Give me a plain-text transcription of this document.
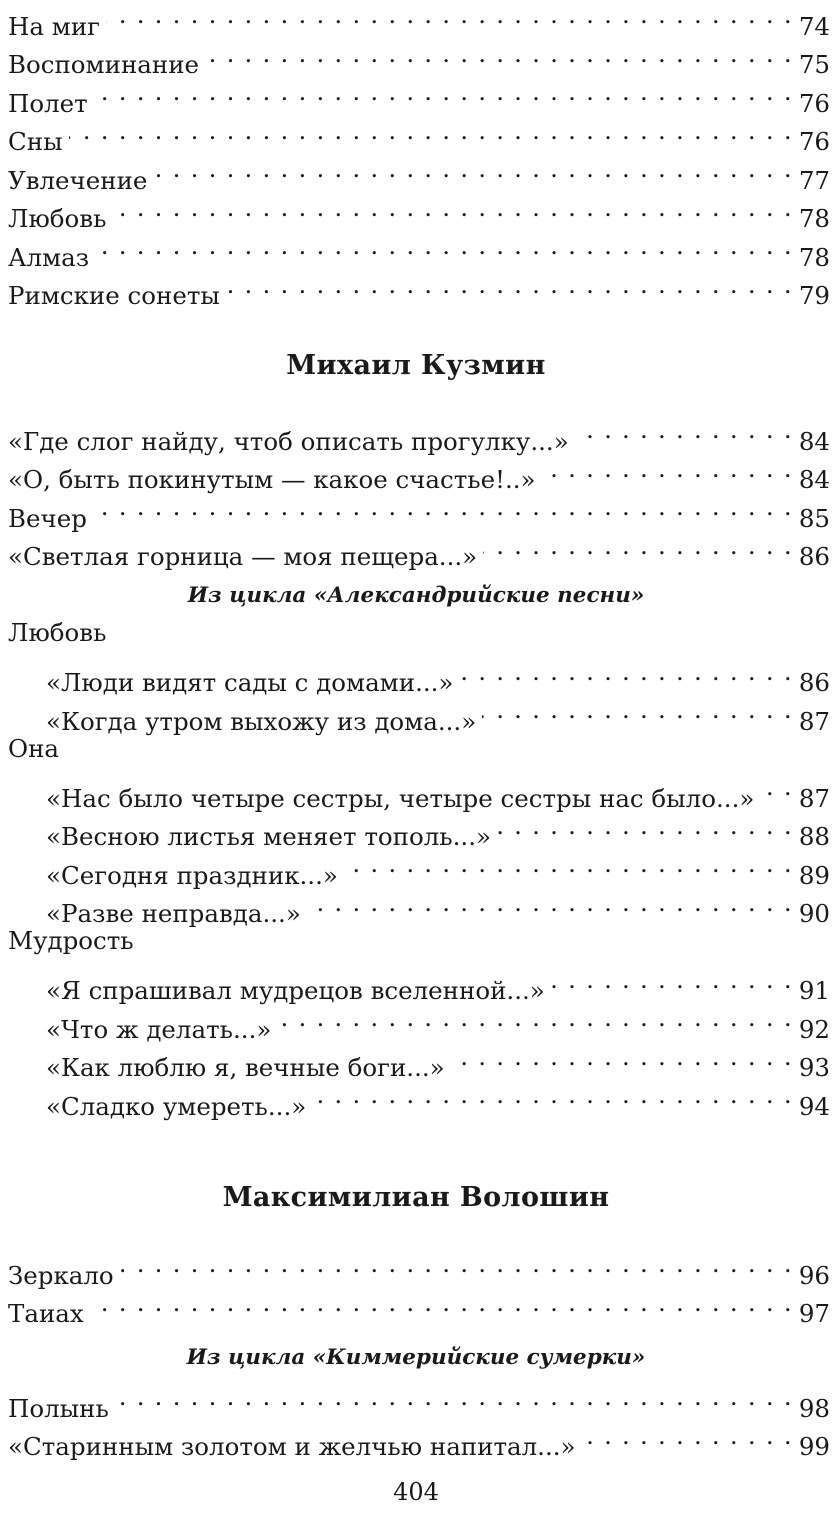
На миг . . .	74
Воспоминание . . .	75
Полет . . .	76
Сны . . .	76
Увлечение . . .	77
Любовь . . .	78
Алмаз . . .	78
Римские сонеты . . .	79
Михаил Кузмин
«Где слог найду, чтоб описать прогулку...» . . .	84
«О, быть покинутым — какое счастье!..» . . .	84
Вечер . . .	85
«Светлая горница — моя пещера...» . . .	86
Из цикла «Александрийские песни»
Любовь
«Люди видят сады с домами...» . . .	86
«Когда утром выхожу из дома...» . . .	87
Она
«Нас было четыре сестры, четыре сестры нас было...» . . . 87
«Весною листья меняет тополь...» . . .	88
«Сегодня праздник...» . . .	89
«Разве неправда...» . . .	90
Мудрость
«Я спрашивал мудрецов вселенной...» . . .	91
«Что ж делать...» . . .	92
«Как люблю я, вечные боги...» . . .	93
«Сладко умереть...» . . .	94
Максимилиан Волошин
Зеркало . . .	96
Таиах . . .	97
Из цикла «Киммерийские сумерки»
Полынь . . .	98
«Старинным золотом и желчью напитал...» . . .	99
404
